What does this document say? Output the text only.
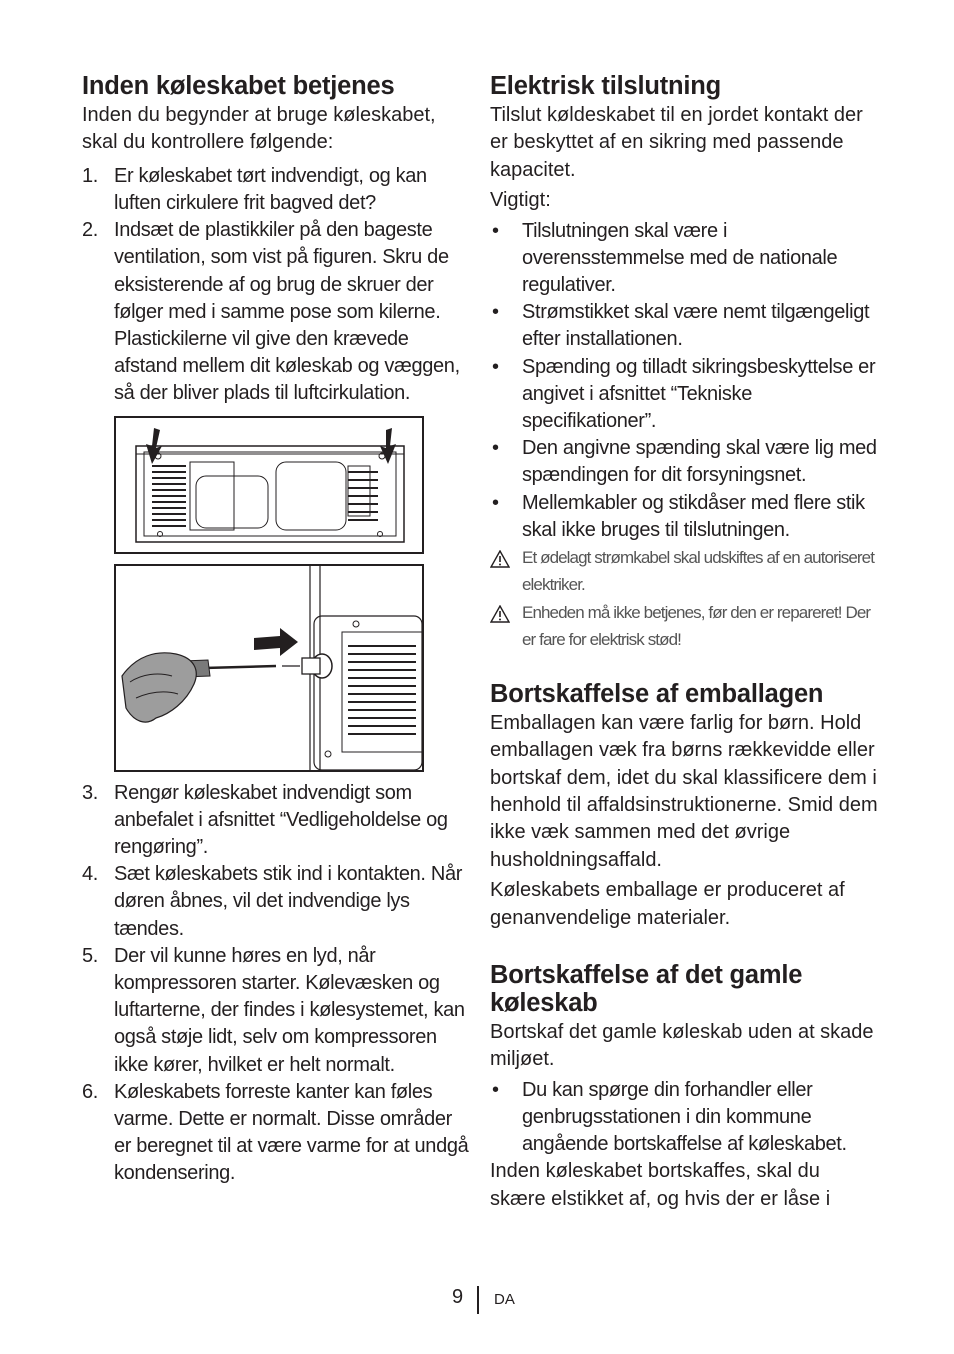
Inden køleskabet betjenes

Inden du begynder at bruge køleskabet, skal du kontrollere følgende:

1. Er køleskabet tørt indvendigt, og kan luften cirkulere frit bagved det?
2. Indsæt de plastikkiler på den bageste ventilation, som vist på figuren. Skru de eksisterende af og brug de skruer der følger med i samme pose som kilerne. Plastickilerne vil give den krævede afstand mellem dit køleskab og væggen, så der bliver plads til luftcirkulation.
3. Rengør køleskabet indvendigt som anbefalet i afsnittet “Vedligeholdelse og rengøring”.
4. Sæt køleskabets stik ind i kontakten. Når døren åbnes, vil det indvendige lys tændes.
5. Der vil kunne høres en lyd, når kompressoren starter. Kølevæsken og luftarterne, der findes i kølesystemet, kan også støje lidt, selv om kompressoren ikke kører, hvilket er helt normalt.
6. Køleskabets forreste kanter kan føles varme. Dette er normalt. Disse områder er beregnet til at være varme for at undgå kondensering.
Elektrisk tilslutning

Tilslut køldeskabet til en jordet kontakt der er beskyttet af en sikring med passende kapacitet.

Vigtigt:

• Tilslutningen skal være i overensstemmelse med de nationale regulativer.
• Strømstikket skal være nemt tilgængeligt efter installationen.
• Spænding og tilladt sikringsbeskyttelse er angivet i afsnittet “Tekniske specifikationer”.
• Den angivne spænding skal være lig med spændingen for dit forsyningsnet.
• Mellemkabler og stikdåser med flere stik skal ikke bruges til tilslutningen.
Et ødelagt strømkabel skal udskiftes af en autoriseret elektriker.
Enheden må ikke betjenes, før den er repareret! Der er fare for elektrisk stød!
Bortskaffelse af emballagen

Emballagen kan være farlig for børn. Hold emballagen væk fra børns rækkevidde eller bortskaf dem, idet du skal klassificere dem i henhold til affaldsinstruktionerne. Smid dem ikke væk sammen med det øvrige husholdningsaffald.

Køleskabets emballage er produceret af genanvendelige materialer.

Bortskaffelse af det gamle køleskab

Bortskaf det gamle køleskab uden at skade miljøet.

• Du kan spørge din forhandler eller genbrugsstationen i din kommune angående bortskaffelse af køleskabet.

Inden køleskabet bortskaffes, skal du skære elstikket af, og hvis der er låse i

9 DA
